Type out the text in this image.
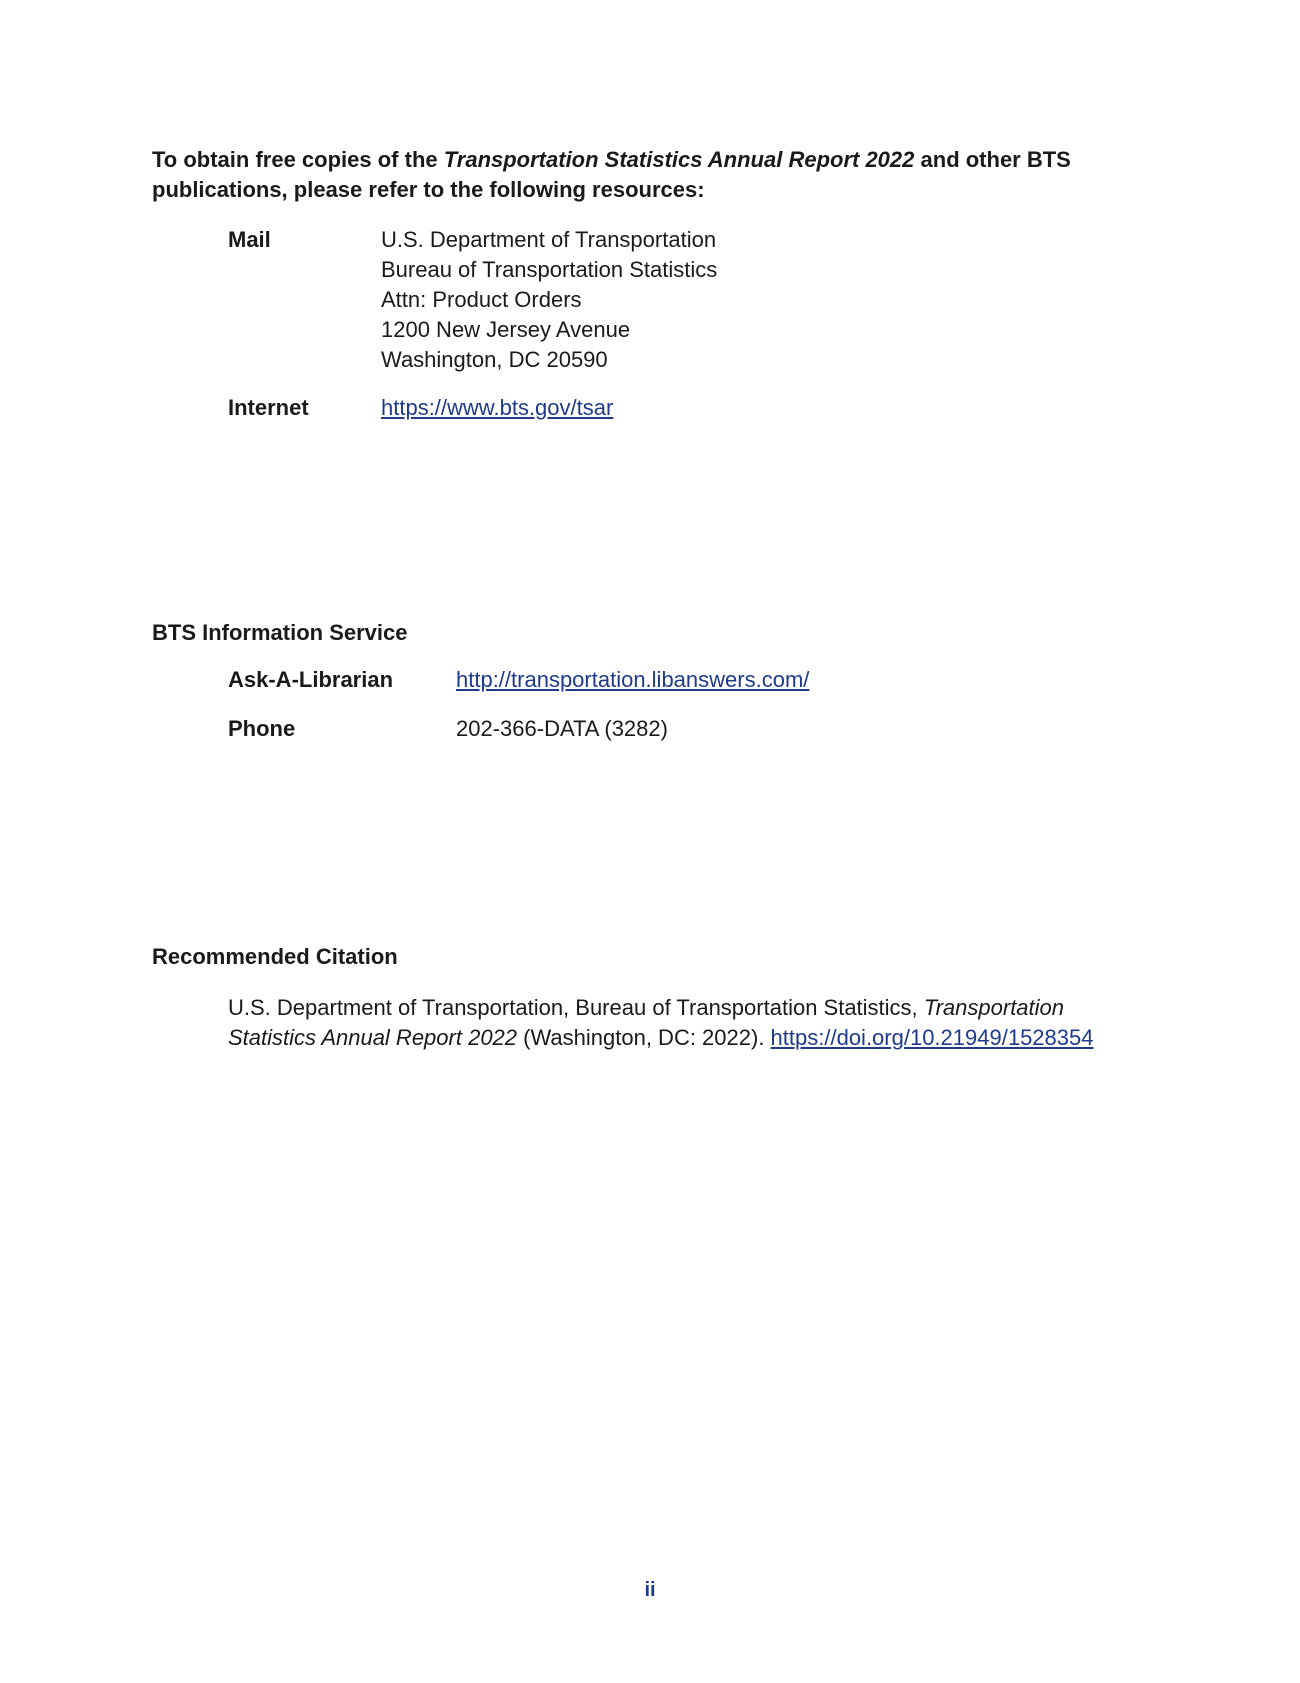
To obtain free copies of the Transportation Statistics Annual Report 2022 and other BTS publications, please refer to the following resources:

Mail	U.S. Department of Transportation
Bureau of Transportation Statistics
Attn: Product Orders
1200 New Jersey Avenue
Washington, DC 20590
Internet	https://www.bts.gov/tsar
BTS Information Service
Ask-A-Librarian	http://transportation.libanswers.com/
Phone	202-366-DATA (3282)
Recommended Citation

U.S. Department of Transportation, Bureau of Transportation Statistics, Transportation Statistics Annual Report 2022 (Washington, DC: 2022). https://doi.org/10.21949/1528354

ii
